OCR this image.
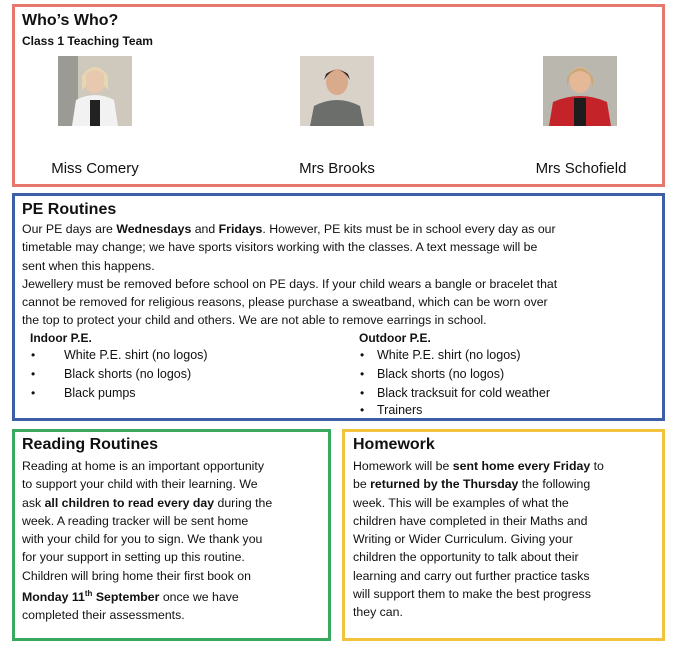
Who’s Who?
Class 1 Teaching Team
Miss Comery	Mrs Brooks	Mrs Schofield
PE Routines
Our PE days are Wednesdays and Fridays. However, PE kits must be in school every day as our
timetable may change; we have sports visitors working with the classes. A text message will be
sent when this happens.
Jewellery must be removed before school on PE days. If your child wears a bangle or bracelet that
cannot be removed for religious reasons, please purchase a sweatband, which can be worn over
the top to protect your child and others. We are not able to remove earrings in school.
Indoor P.E.
•
•
•
White P.E. shirt (no logos)
Black shorts (no logos)
Black pumps
Outdoor P.E.
•
•
•
•
White P.E. shirt (no logos)
Black shorts (no logos)
Black tracksuit for cold weather
Trainers
Reading Routines
Reading at home is an important opportunity
to support your child with their learning. We
ask all children to read every day during the
week. A reading tracker will be sent home
with your child for you to sign. We thank you
for your support in setting up this routine.
Children will bring home their first book on
Monday 11th September once we have
completed their assessments.
Homework
Homework will be sent home every Friday to
be returned by the Thursday the following
week. This will be examples of what the
children have completed in their Maths and
Writing or Wider Curriculum. Giving your
children the opportunity to talk about their
learning and carry out further practice tasks
will support them to make the best progress
they can.
